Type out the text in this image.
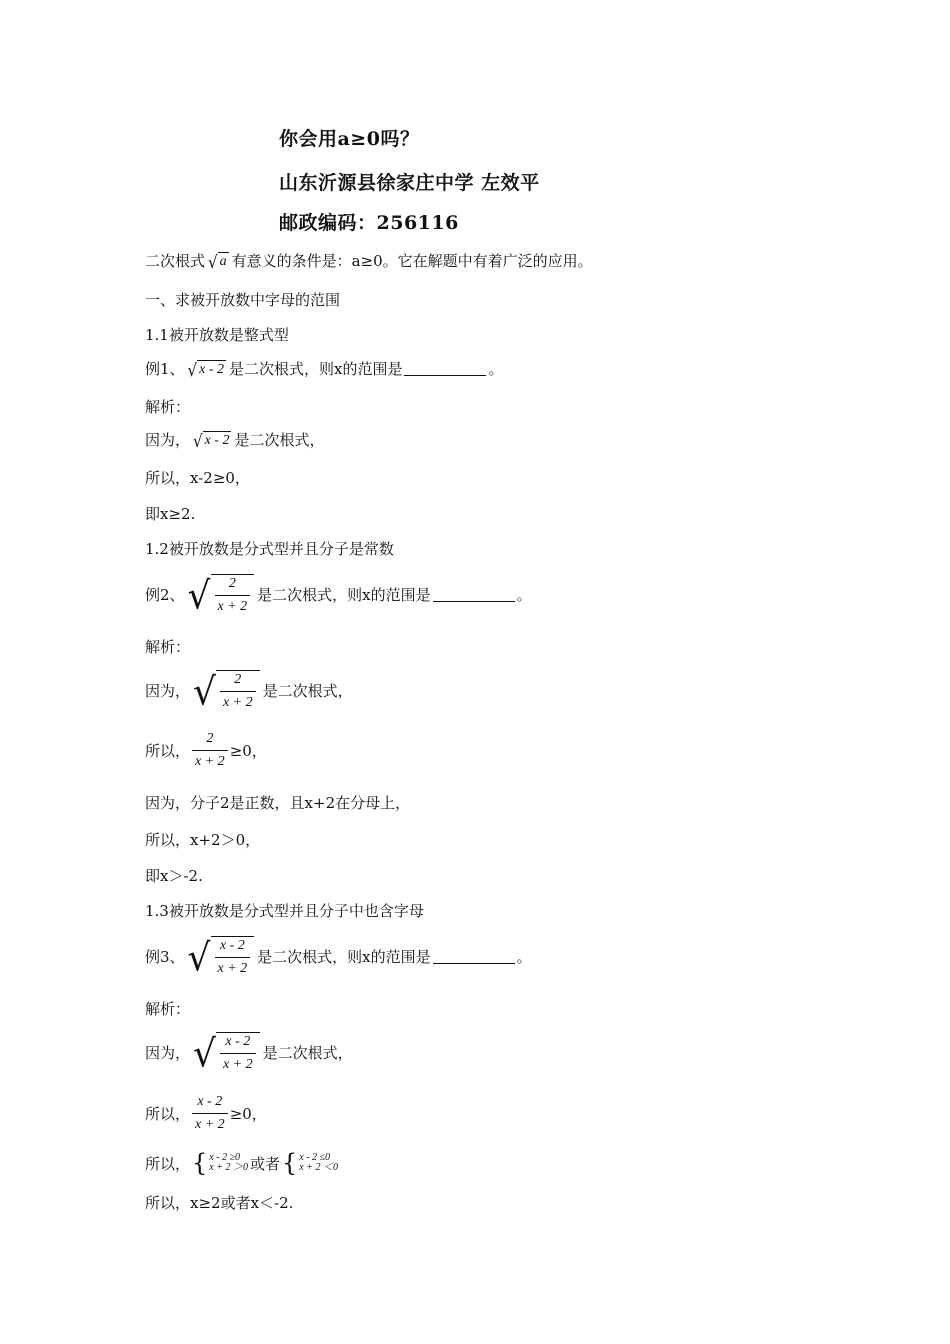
你会用a≥0吗？
山东沂源县徐家庄中学 左效平
邮政编码：256116
二次根式 √ a 有意义的条件是：a≥0。它在解题中有着广泛的应用。
一、求被开放数中字母的范围
1.1被开放数是整式型
例1、 √ x - 2 是二次根式，则x的范围是	。
解析：
因为， √ x - 2 是二次根式，
所以， x-2≥0，
即x≥2.
1.2被开放数是分式型并且分子是常数
例2、 √ $\frac{2}{x + 2}$ 是二次根式，则x的范围是	。
解析：
因为， √ $\frac{2}{x + 2}$ 是二次根式，
所以， $\frac{2}{x + 2} \ge 0$，
因为，分子2是正数，且x+2在分母上，
所以，x+2＞0，
即x＞-2.
1.3被开放数是分式型并且分子中也含字母
例3、 √ $\frac{x - 2}{x + 2}$ 是二次根式，则x的范围是	。
解析：
因为， √ $\frac{x - 2}{x + 2}$ 是二次根式，
所以， $\frac{x - 2}{x + 2} \ge 0$，
所以， { x - 2 ≥0
x + 2 ＞0 或者 { x - 2 ≤0
x + 2 ＜0
所以，x≥2或者x＜-2.
